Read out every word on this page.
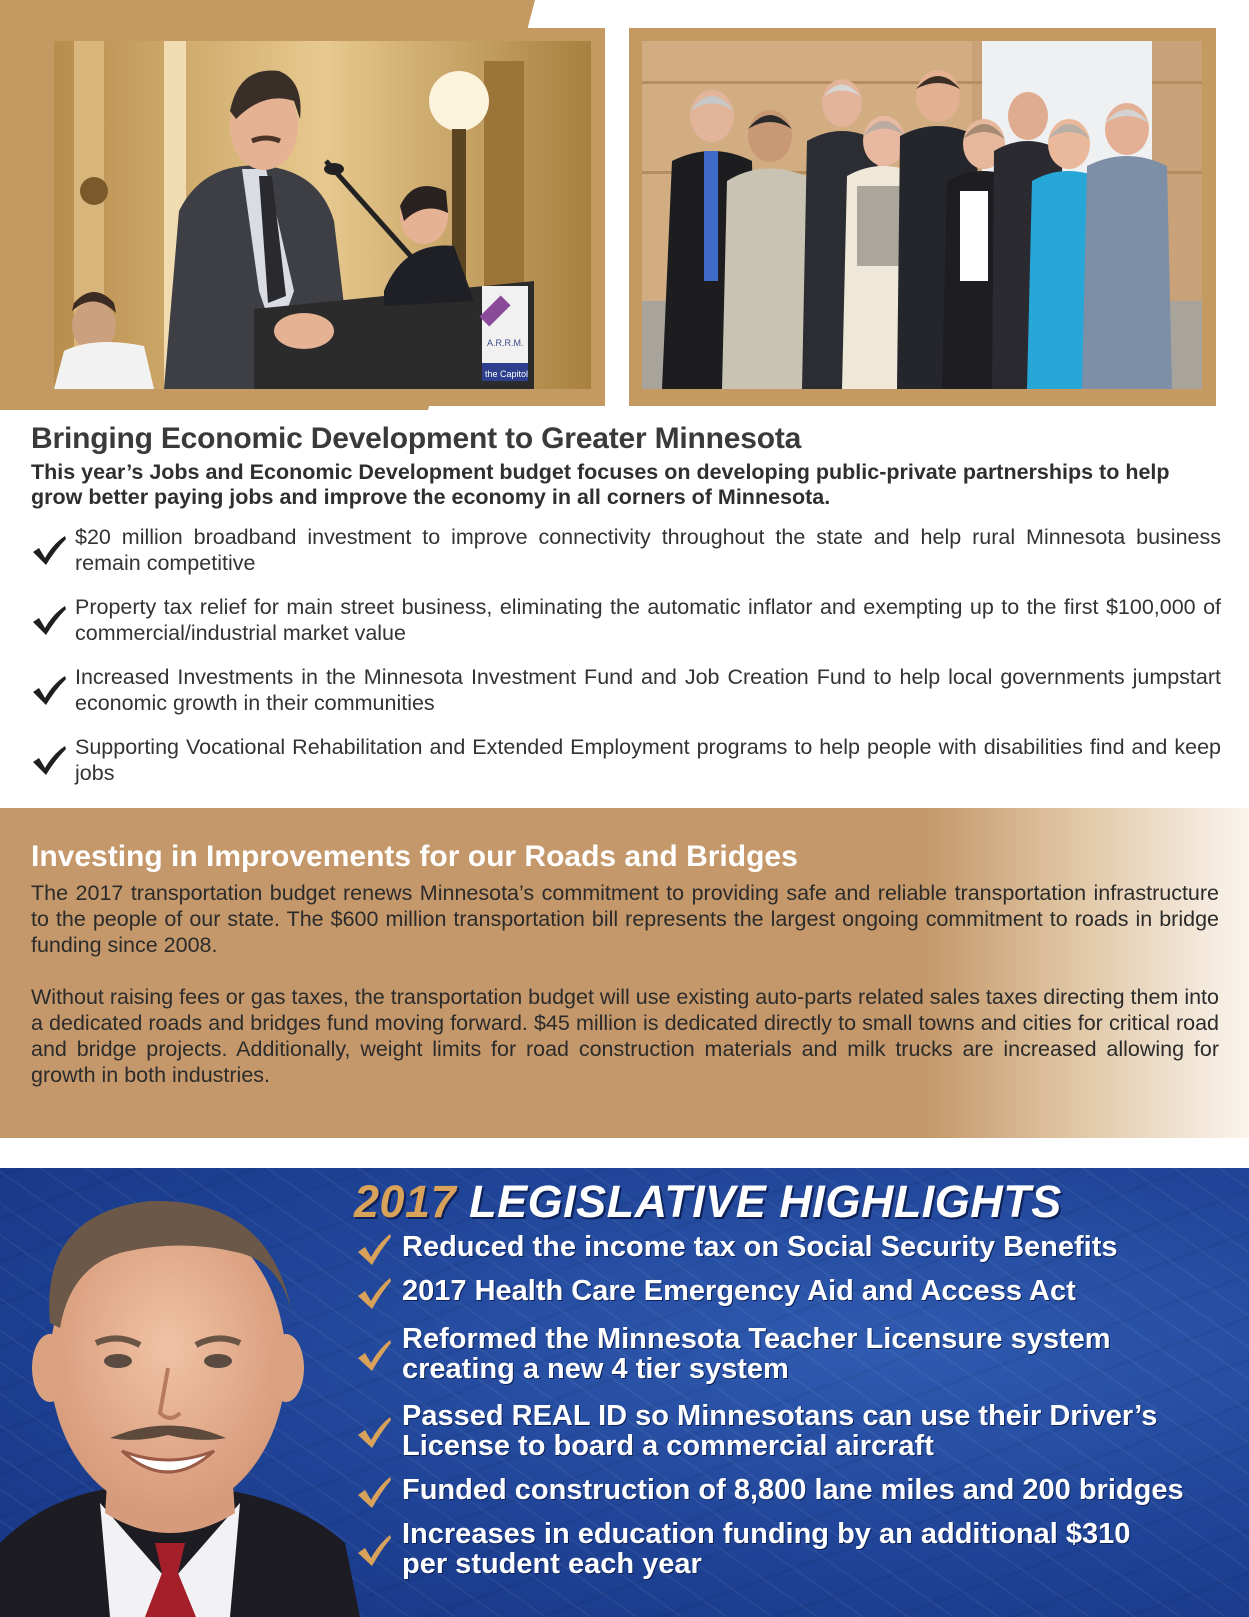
A.R.R.M.
the Capitol
Bringing Economic Development to Greater Minnesota

This year’s Jobs and Economic Development budget focuses on developing public-private partnerships to help grow better paying jobs and improve the economy in all corners of Minnesota.

$20 million broadband investment to improve connectivity throughout the state and help rural Minnesota business remain competitive
Property tax relief for main street business, eliminating the automatic inflator and exempting up to the first $100,000 of commercial/industrial market value
Increased Investments in the Minnesota Investment Fund and Job Creation Fund to help local governments jumpstart economic growth in their communities
Supporting Vocational Rehabilitation and Extended Employment programs to help people with disabilities find and keep jobs
Investing in Improvements for our Roads and Bridges

The 2017 transportation budget renews Minnesota’s commitment to providing safe and reliable transportation infrastructure to the people of our state. The $600 million transportation bill represents the largest ongoing commitment to roads in bridge funding since 2008.

Without raising fees or gas taxes, the transportation budget will use existing auto-parts related sales taxes directing them into a dedicated roads and bridges fund moving forward. $45 million is dedicated directly to small towns and cities for critical road and bridge projects. Additionally, weight limits for road construction materials and milk trucks are increased allowing for growth in both industries.

2017 LEGISLATIVE HIGHLIGHTS
Reduced the income tax on Social Security Benefits
2017 Health Care Emergency Aid and Access Act
Reformed the Minnesota Teacher Licensure system
creating a new 4 tier system
Passed REAL ID so Minnesotans can use their Driver’s
License to board a commercial aircraft
Funded construction of 8,800 lane miles and 200 bridges
Increases in education funding by an additional $310
per student each year
